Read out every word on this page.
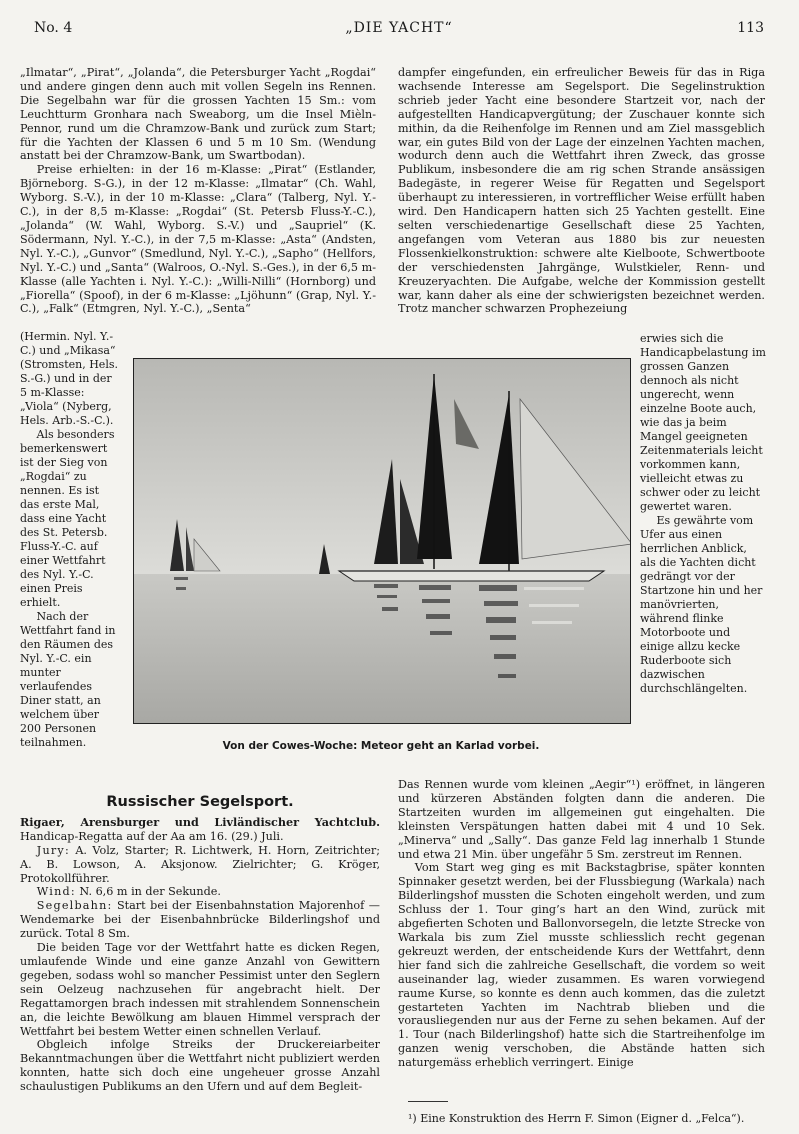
No. 4	„DIE YACHT“	113

„Ilmatar“, „Pirat“, „Jolanda“, die Petersburger Yacht „Rogdai“ und andere gingen denn auch mit vollen Segeln ins Rennen. Die Segelbahn war für die grossen Yachten 15 Sm.: vom Leuchtturm Gronhara nach Sweaborg, um die Insel Mièln-Pennor, rund um die Chramzow-Bank und zurück zum Start; für die Yachten der Klassen 6 und 5 m 10 Sm. (Wendung anstatt bei der Chramzow-Bank, um Swartbodan).

Preise erhielten: in der 16 m-Klasse: „Pirat“ (Estlander, Björneborg. S-G.), in der 12 m-Klasse: „Ilmatar“ (Ch. Wahl, Wyborg. S.-V.), in der 10 m-Klasse: „Clara“ (Talberg, Nyl. Y.-C.), in der 8,5 m-Klasse: „Rogdai“ (St. Petersb Fluss-Y.-C.), „Jolanda“ (W. Wahl, Wyborg. S.-V.) und „Saupriel“ (K. Södermann, Nyl. Y.-C.), in der 7,5 m-Klasse: „Asta“ (Andsten, Nyl. Y.-C.), „Gunvor“ (Smedlund, Nyl. Y.-C.), „Sapho“ (Hellfors, Nyl. Y.-C.) und „Santa“ (Walroos, O.-Nyl. S.-Ges.), in der 6,5 m-Klasse (alle Yachten i. Nyl. Y.-C.): „Willi-Nilli“ (Hornborg) und „Fiorella“ (Spoof), in der 6 m-Klasse: „Ljöhunn“ (Grap, Nyl. Y.-C.), „Falk“ (Etmgren, Nyl. Y.-C.), „Senta“

(Hermin. Nyl. Y.-C.) und „Mikasa“ (Stromsten, Hels. S.-G.) und in der 5 m-Klasse: „Viola“ (Nyberg, Hels. Arb.-S.-C.).

Als besonders bemerkenswert ist der Sieg von „Rogdai“ zu nennen. Es ist das erste Mal, dass eine Yacht des St. Petersb. Fluss-Y.-C. auf einer Wettfahrt des Nyl. Y.-C. einen Preis erhielt.

Nach der Wettfahrt fand in den Räumen des Nyl. Y.-C. ein munter verlaufendes Diner statt, an welchem über 200 Personen teilnahmen.

dampfer eingefunden, ein erfreulicher Beweis für das in Riga wachsende Interesse am Segelsport. Die Segelinstruktion schrieb jeder Yacht eine besondere Startzeit vor, nach der aufgestellten Handicapvergütung; der Zuschauer konnte sich mithin, da die Reihenfolge im Rennen und am Ziel massgeblich war, ein gutes Bild von der Lage der einzelnen Yachten machen, wodurch denn auch die Wettfahrt ihren Zweck, das grosse Publikum, insbesondere die am rig schen Strande ansässigen Badegäste, in regerer Weise für Regatten und Segelsport überhaupt zu interessieren, in vortrefflicher Weise erfüllt haben wird. Den Handicapern hatten sich 25 Yachten gestellt. Eine selten verschiedenartige Gesellschaft diese 25 Yachten, angefangen vom Veteran aus 1880 bis zur neuesten Flossenkielkonstruktion: schwere alte Kielboote, Schwertboote der verschiedensten Jahrgänge, Wulstkieler, Renn- und Kreuzeryachten. Die Aufgabe, welche der Kommission gestellt war, kann daher als eine der schwierigsten bezeichnet werden. Trotz mancher schwarzen Prophezeiung

erwies sich die Handicapbelastung im grossen Ganzen dennoch als nicht ungerecht, wenn einzelne Boote auch, wie das ja beim Mangel geeigneten Zeitenmaterials leicht vorkommen kann, vielleicht etwas zu schwer oder zu leicht gewertet waren.

Es gewährte vom Ufer aus einen herrlichen Anblick, als die Yachten dicht gedrängt vor der Startzone hin und her manövrierten, während flinke Motorboote und einige allzu kecke Ruderboote sich dazwischen durchschlängelten.

Von der Cowes-Woche: Meteor geht an Karlad vorbei.
Russischer Segelsport.

Rigaer, Arensburger und Livländischer Yachtclub. Handicap-Regatta auf der Aa am 16. (29.) Juli.

Jury: A. Volz, Starter; R. Lichtwerk, H. Horn, Zeitrichter; A. B. Lowson, A. Aksjonow. Zielrichter; G. Kröger, Protokollführer.

Wind: N. 6,6 m in der Sekunde.

Segelbahn: Start bei der Eisenbahnstation Majorenhof — Wendemarke bei der Eisenbahnbrücke Bilderlingshof und zurück. Total 8 Sm.

Die beiden Tage vor der Wettfahrt hatte es dicken Regen, umlaufende Winde und eine ganze Anzahl von Gewittern gegeben, sodass wohl so mancher Pessimist unter den Seglern sein Oelzeug nachzusehen für angebracht hielt. Der Regattamorgen brach indessen mit strahlendem Sonnenschein an, die leichte Bewölkung am blauen Himmel versprach der Wettfahrt bei bestem Wetter einen schnellen Verlauf.

Obgleich infolge Streiks der Druckereiarbeiter Bekanntmachungen über die Wettfahrt nicht publiziert werden konnten, hatte sich doch eine ungeheuer grosse Anzahl schaulustigen Publikums an den Ufern und auf dem Begleit-

Das Rennen wurde vom kleinen „Aegir“¹) eröffnet, in längeren und kürzeren Abständen folgten dann die anderen. Die Startzeiten wurden im allgemeinen gut eingehalten. Die kleinsten Verspätungen hatten dabei mit 4 und 10 Sek. „Minerva“ und „Sally“. Das ganze Feld lag innerhalb 1 Stunde und etwa 21 Min. über ungefähr 5 Sm. zerstreut im Rennen.

Vom Start weg ging es mit Backstagbrise, später konnten Spinnaker gesetzt werden, bei der Flussbiegung (Warkala) nach Bilderlingshof mussten die Schoten eingeholt werden, und zum Schluss der 1. Tour ging’s hart an den Wind, zurück mit abgefierten Schoten und Ballonvorsegeln, die letzte Strecke von Warkala bis zum Ziel musste schliesslich recht gegenan gekreuzt werden, der entscheidende Kurs der Wettfahrt, denn hier fand sich die zahlreiche Gesellschaft, die vordem so weit auseinander lag, wieder zusammen. Es waren vorwiegend raume Kurse, so konnte es denn auch kommen, das die zuletzt gestarteten Yachten im Nachtrab blieben und die vorausliegenden nur aus der Ferne zu sehen bekamen. Auf der 1. Tour (nach Bilderlingshof) hatte sich die Startreihenfolge im ganzen wenig verschoben, die Abstände hatten sich naturgemäss erheblich verringert. Einige

¹) Eine Konstruktion des Herrn F. Simon (Eigner d. „Felca“).
